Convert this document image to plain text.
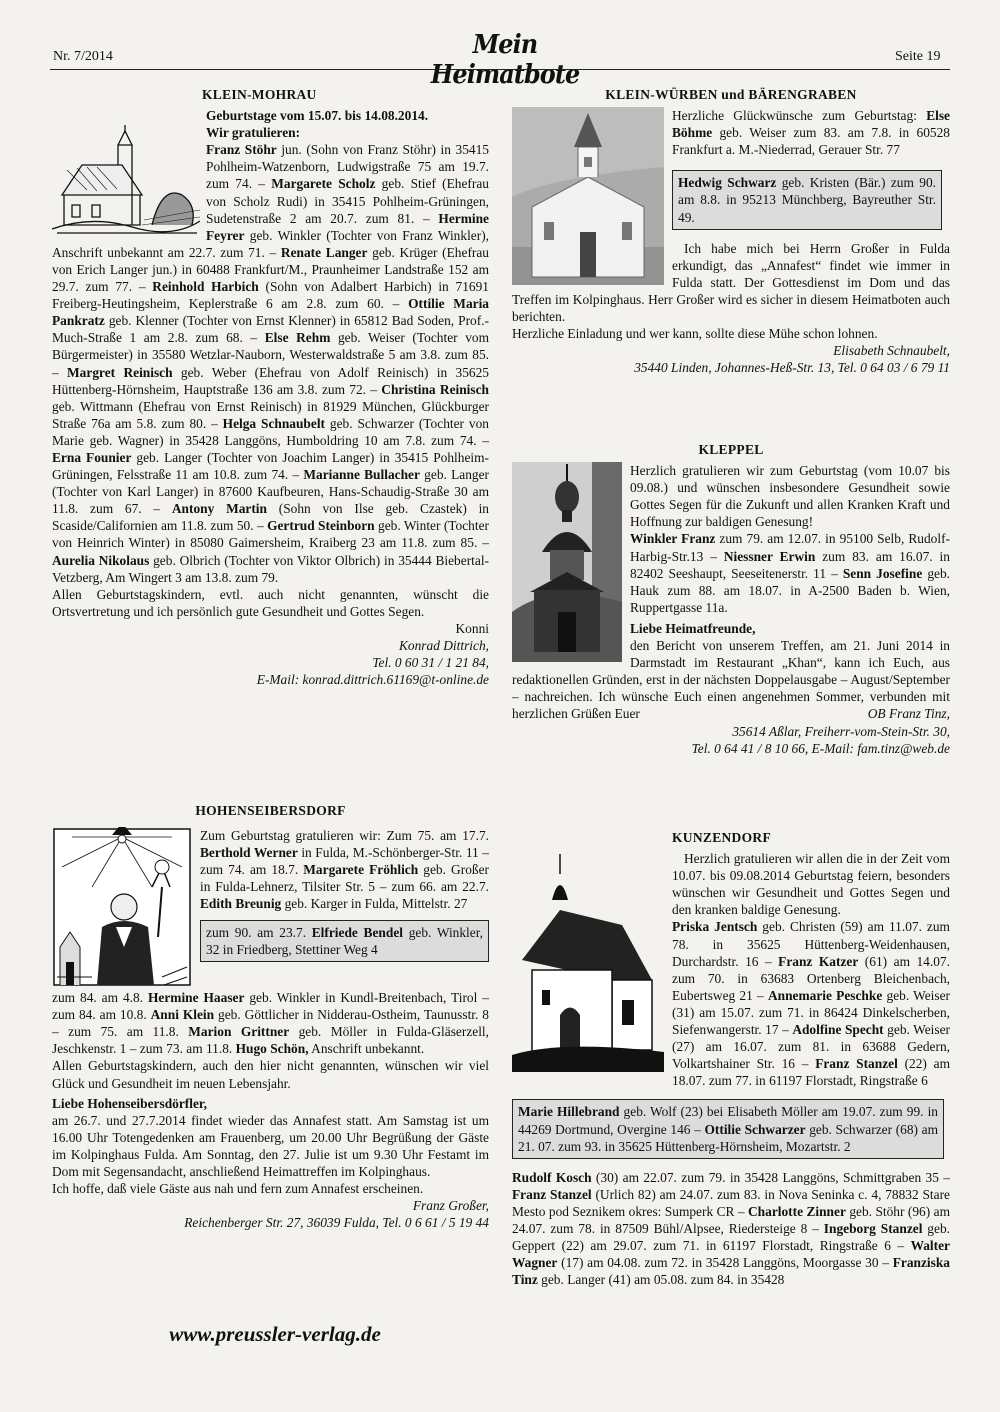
Nr. 7/2014	Mein Heimatbote
Seite 19
KLEIN-MOHRAU

Geburtstage vom 15.07. bis 14.08.2014.

Wir gratulieren:

Franz Stöhr jun. (Sohn von Franz Stöhr) in 35415 Pohlheim-Watzenborn, Ludwigstraße 75 am 19.7. zum 74. – Margarete Scholz geb. Stief (Ehefrau von Scholz Rudi) in 35415 Pohlheim-Grüningen, Sudetenstraße 2 am 20.7. zum 81. – Hermine Feyrer geb. Winkler (Tochter von Franz Winkler), Anschrift unbekannt am 22.7. zum 71. – Renate Langer geb. Krüger (Ehefrau von Erich Langer jun.) in 60488 Frankfurt/M., Praunheimer Landstraße 152 am 29.7. zum 77. – Reinhold Harbich (Sohn von Adalbert Harbich) in 71691 Freiberg-Heutingsheim, Keplerstraße 6 am 2.8. zum 60. – Ottilie Maria Pankratz geb. Klenner (Tochter von Ernst Klenner) in 65812 Bad Soden, Prof.-Much-Straße 1 am 2.8. zum 68. – Else Rehm geb. Weiser (Tochter vom Bürgermeister) in 35580 Wetzlar-Nauborn, Westerwaldstraße 5 am 3.8. zum 85. – Margret Reinisch geb. Weber (Ehefrau von Adolf Reinisch) in 35625 Hüttenberg-Hörnsheim, Hauptstraße 136 am 3.8. zum 72. – Christina Reinisch geb. Wittmann (Ehefrau von Ernst Reinisch) in 81929 München, Glückburger Straße 76a am 5.8. zum 80. – Helga Schnaubelt geb. Schwarzer (Tochter von Marie geb. Wagner) in 35428 Langgöns, Humboldring 10 am 7.8. zum 74. – Erna Founier geb. Langer (Tochter von Joachim Langer) in 35415 Pohlheim-Grüningen, Felsstraße 11 am 10.8. zum 74. – Marianne Bullacher geb. Langer (Tochter von Karl Langer) in 87600 Kaufbeuren, Hans-Schaudig-Straße 30 am 11.8. zum 67. – Antony Martin (Sohn von Ilse geb. Czastek) in Scaside/Californien am 11.8. zum 50. – Gertrud Steinborn geb. Winter (Tochter von Heinrich Winter) in 85080 Gaimersheim, Kraiberg 23 am 11.8. zum 85. – Aurelia Nikolaus geb. Olbrich (Tochter von Viktor Olbrich) in 35444 Biebertal-Vetzberg, Am Wingert 3 am 13.8. zum 79.

Allen Geburtstagskindern, evtl. auch nicht genannten, wünscht die Ortsvertretung und ich persönlich gute Gesundheit und Gottes Segen.

Konni

Konrad Dittrich,

Tel. 0 60 31 / 1 21 84,

E-Mail: konrad.dittrich.61169@t-online.de

HOHENSEIBERSDORF

Zum Geburtstag gratulieren wir: Zum 75. am 17.7. Berthold Werner in Fulda, M.-Schönberger-Str. 11 – zum 74. am 18.7. Margarete Fröhlich geb. Großer in Fulda-Lehnerz, Tilsiter Str. 5 – zum 66. am 22.7. Edith Breunig geb. Karger in Fulda, Mittelstr. 27

zum 90. am 23.7. Elfriede Bendel geb. Winkler, 32 in Friedberg, Stettiner Weg 4

zum 84. am 4.8. Hermine Haaser geb. Winkler in Kundl-Breitenbach, Tirol – zum 84. am 10.8. Anni Klein geb. Göttlicher in Nidderau-Ostheim, Taunusstr. 8 – zum 75. am 11.8. Marion Grittner geb. Möller in Fulda-Gläserzell, Jeschkenstr. 1 – zum 73. am 11.8. Hugo Schön, Anschrift unbekannt.

Allen Geburtstagskindern, auch den hier nicht genannten, wünschen wir viel Glück und Gesundheit im neuen Lebensjahr.

Liebe Hohenseibersdörfler,

am 26.7. und 27.7.2014 findet wieder das Annafest statt. Am Samstag ist um 16.00 Uhr Totengedenken am Frauenberg, um 20.00 Uhr Begrüßung der Gäste im Kolpinghaus Fulda. Am Sonntag, den 27. Julie ist um 9.30 Uhr Festamt im Dom mit Segensandacht, anschließend Heimattreffen im Kolpinghaus.

Ich hoffe, daß viele Gäste aus nah und fern zum Annafest erscheinen.

Franz Großer,

Reichenberger Str. 27, 36039 Fulda, Tel. 0 6 61 / 5 19 44

www.preussler-verlag.de
KLEIN-WÜRBEN und BÄRENGRABEN

Herzliche Glückwünsche zum Geburtstag: Else Böhme geb. Weiser zum 83. am 7.8. in 60528 Frankfurt a. M.-Niederrad, Gerauer Str. 77

Hedwig Schwarz geb. Kristen (Bär.) zum 90. am 8.8. in 95213 Münchberg, Bayreuther Str. 49.

Ich habe mich bei Herrn Großer in Fulda erkundigt, das „Annafest“ findet wie immer in Fulda statt. Der Gottesdienst im Dom und das Treffen im Kolpinghaus. Herr Großer wird es sicher in diesem Heimatboten auch berichten.

Herzliche Einladung und wer kann, sollte diese Mühe schon lohnen.

Elisabeth Schnaubelt,

35440 Linden, Johannes-Heß-Str. 13, Tel. 0 64 03 / 6 79 11

KLEPPEL

Herzlich gratulieren wir zum Geburtstag (vom 10.07 bis 09.08.) und wünschen insbesondere Gesundheit sowie Gottes Segen für die Zukunft und allen Kranken Kraft und Hoffnung zur baldigen Genesung!

Winkler Franz zum 79. am 12.07. in 95100 Selb, Rudolf-Harbig-Str.13 – Niessner Erwin zum 83. am 16.07. in 82402 Seeshaupt, Seeseitenerstr. 11 – Senn Josefine geb. Hauk zum 88. am 18.07. in A-2500 Baden b. Wien, Ruppertgasse 11a.

Liebe Heimatfreunde,

den Bericht von unserem Treffen, am 21. Juni 2014 in Darmstadt im Restaurant „Khan“, kann ich Euch, aus redaktionellen Gründen, erst in der nächsten Doppelausgabe – August/September – nachreichen. Ich wünsche Euch einen angenehmen Sommer, verbunden mit herzlichen Grüßen Euer	OB Franz Tinz,

35614 Aßlar, Freiherr-vom-Stein-Str. 30,

Tel. 0 64 41 / 8 10 66, E-Mail: fam.tinz@web.de

KUNZENDORF

Herzlich gratulieren wir allen die in der Zeit vom 10.07. bis 09.08.2014 Geburtstag feiern, besonders wünschen wir Gesundheit und Gottes Segen und den kranken baldige Genesung.

Priska Jentsch geb. Christen (59) am 11.07. zum 78. in 35625 Hüttenberg-Weidenhausen, Durchardstr. 16 – Franz Katzer (61) am 14.07. zum 70. in 63683 Ortenberg Bleichenbach, Eubertsweg 21 – Annemarie Peschke geb. Weiser (31) am 15.07. zum 71. in 86424 Dinkelscherben, Siefenwangerstr. 17 – Adolfine Specht geb. Weiser (27) am 16.07. zum 81. in 63688 Gedern, Volkartshainer Str. 16 – Franz Stanzel (22) am 18.07. zum 77. in 61197 Florstadt, Ringstraße 6

Marie Hillebrand geb. Wolf (23) bei Elisabeth Möller am 19.07. zum 99. in 44269 Dortmund, Overgine 146 – Ottilie Schwarzer geb. Schwarzer (68) am 21. 07. zum 93. in 35625 Hüttenberg-Hörnsheim, Mozartstr. 2

Rudolf Kosch (30) am 22.07. zum 79. in 35428 Langgöns, Schmittgraben 35 – Franz Stanzel (Urlich 82) am 24.07. zum 83. in Nova Seninka c. 4, 78832 Stare Mesto pod Seznikem okres: Sumperk CR – Charlotte Zinner geb. Stöhr (96) am 24.07. zum 78. in 87509 Bühl/Alpsee, Riedersteige 8 – Ingeborg Stanzel geb. Geppert (22) am 29.07. zum 71. in 61197 Florstadt, Ringstraße 6 – Walter Wagner (17) am 04.08. zum 72. in 35428 Langgöns, Moorgasse 30 – Franziska Tinz geb. Langer (41) am 05.08. zum 84. in 35428
